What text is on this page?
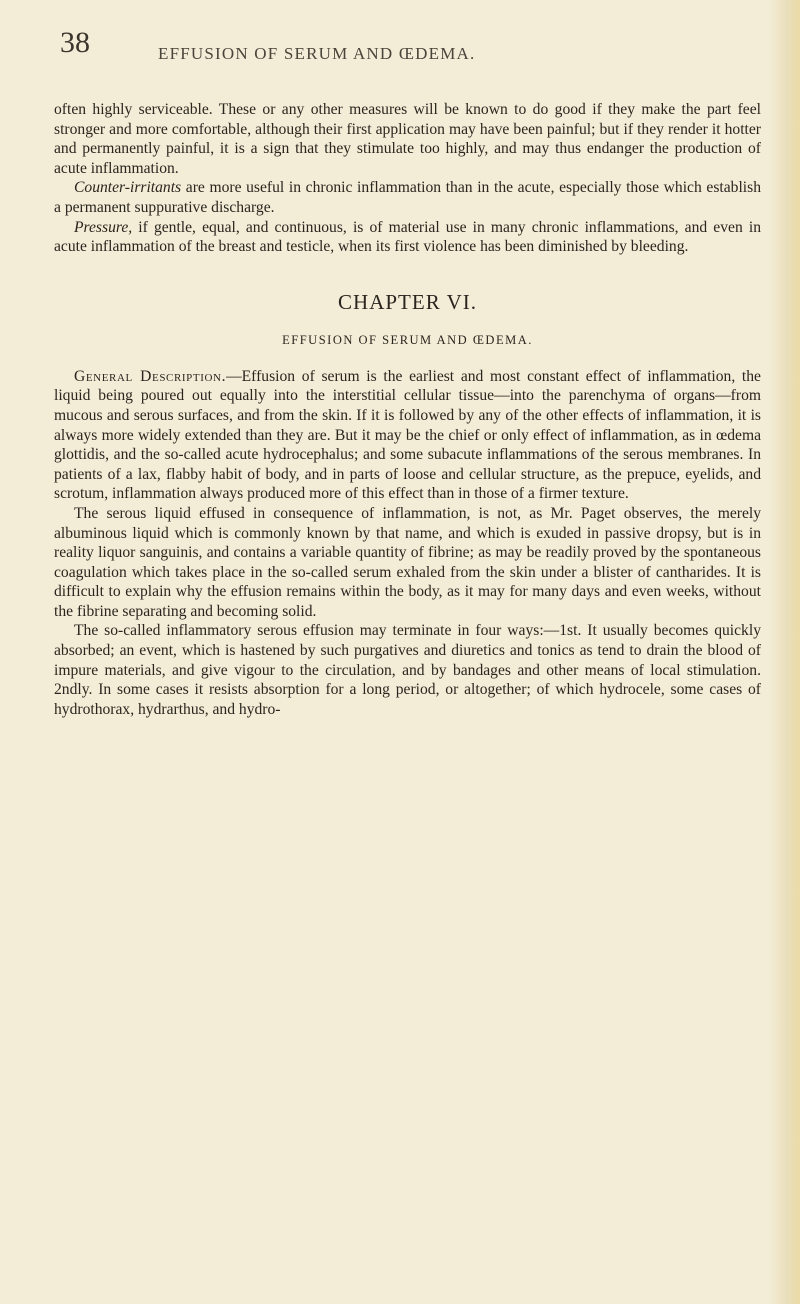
38	EFFUSION OF SERUM AND ŒDEMA.

often highly serviceable. These or any other measures will be known to do good if they make the part feel stronger and more comfortable, although their first application may have been painful; but if they render it hotter and permanently painful, it is a sign that they stimulate too highly, and may thus endanger the production of acute inflammation.

Counter-irritants are more useful in chronic inflammation than in the acute, especially those which establish a permanent suppurative discharge.

Pressure, if gentle, equal, and continuous, is of material use in many chronic inflammations, and even in acute inflammation of the breast and testicle, when its first violence has been diminished by bleeding.

CHAPTER VI.
EFFUSION OF SERUM AND ŒDEMA.

General Description.—Effusion of serum is the earliest and most constant effect of inflammation, the liquid being poured out equally into the interstitial cellular tissue—into the parenchyma of organs—from mucous and serous surfaces, and from the skin. If it is followed by any of the other effects of inflammation, it is always more widely extended than they are. But it may be the chief or only effect of inflammation, as in œdema glottidis, and the so-called acute hydrocephalus; and some subacute inflammations of the serous membranes. In patients of a lax, flabby habit of body, and in parts of loose and cellular structure, as the prepuce, eyelids, and scrotum, inflammation always produced more of this effect than in those of a firmer texture.

The serous liquid effused in consequence of inflammation, is not, as Mr. Paget observes, the merely albuminous liquid which is commonly known by that name, and which is exuded in passive dropsy, but is in reality liquor sanguinis, and contains a variable quantity of fibrine; as may be readily proved by the spontaneous coagulation which takes place in the so-called serum exhaled from the skin under a blister of cantharides. It is difficult to explain why the effusion remains within the body, as it may for many days and even weeks, without the fibrine separating and becoming solid.

The so-called inflammatory serous effusion may terminate in four ways:—1st. It usually becomes quickly absorbed; an event, which is hastened by such purgatives and diuretics and tonics as tend to drain the blood of impure materials, and give vigour to the circulation, and by bandages and other means of local stimulation. 2ndly. In some cases it resists absorption for a long period, or altogether; of which hydrocele, some cases of hydrothorax, hydrarthus, and hydro-
